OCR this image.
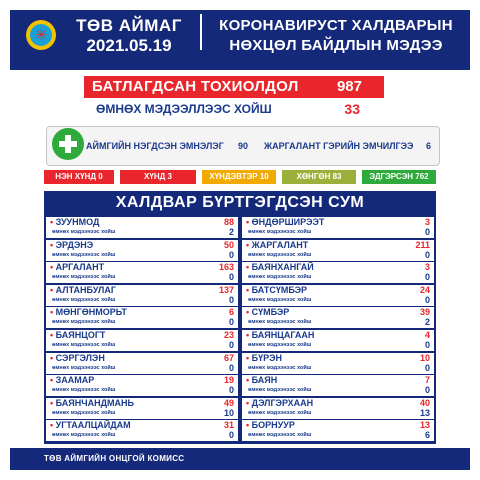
✳	ТӨВ АЙМАГ
2021.05.19
КОРОНАВИРУСТ ХАЛДВАРЫН
НӨХЦӨЛ БАЙДЛЫН МЭДЭЭ
БАТЛАГДСАН ТОХИОЛДОЛ	987
ӨМНӨХ МЭДЭЭЛЛЭЭС ХОЙШ	33
АЙМГИЙН НЭГДСЭН ЭМНЭЛЭГ 90 ЖАРГАЛАНТ ГЭРИЙН ЭМЧИЛГЭЭ 6
НЭН ХҮНД 0	ХҮНД 3	ХҮНДЭВТЭР 10	ХӨНГӨН 83	ЭДГЭРСЭН 762
ХАЛДВАР БҮРТГЭГДСЭН СУМ
• ЗУУНМОД
өмнөх мэдээнээс хойш
88
2
• ӨНДӨРШИРЭЭТ
өмнөх мэдээнээс хойш
3
0
• ЭРДЭНЭ
өмнөх мэдээнээс хойш
50
0
• ЖАРГАЛАНТ
өмнөх мэдээнээс хойш
211
0
• АРГАЛАНТ
өмнөх мэдээнээс хойш
163
0
• БАЯНХАНГАЙ
өмнөх мэдээнээс хойш
3
0
• АЛТАНБУЛАГ
өмнөх мэдээнээс хойш
137
0
• БАТСҮМБЭР
өмнөх мэдээнээс хойш
24
0
• МӨНГӨНМОРЬТ
өмнөх мэдээнээс хойш
6
0
• СҮМБЭР
өмнөх мэдээнээс хойш
39
2
• БАЯНЦОГТ
өмнөх мэдээнээс хойш
23
0
• БАЯНЦАГААН
өмнөх мэдээнээс хойш
4
0
• СЭРГЭЛЭН
өмнөх мэдээнээс хойш
67
0
• БҮРЭН
өмнөх мэдээнээс хойш
10
0
• ЗААМАР
өмнөх мэдээнээс хойш
19
0
• БАЯН
өмнөх мэдээнээс хойш
7
0
• БАЯНЧАНДМАНЬ
өмнөх мэдээнээс хойш
49
10
• ДЭЛГЭРХААН
өмнөх мэдээнээс хойш
40
13
• УГТААЛЦАЙДАМ
өмнөх мэдээнээс хойш
31
0
• БОРНУУР
өмнөх мэдээнээс хойш
13
6
ТӨВ АЙМГИЙН ОНЦГОЙ КОМИСС
